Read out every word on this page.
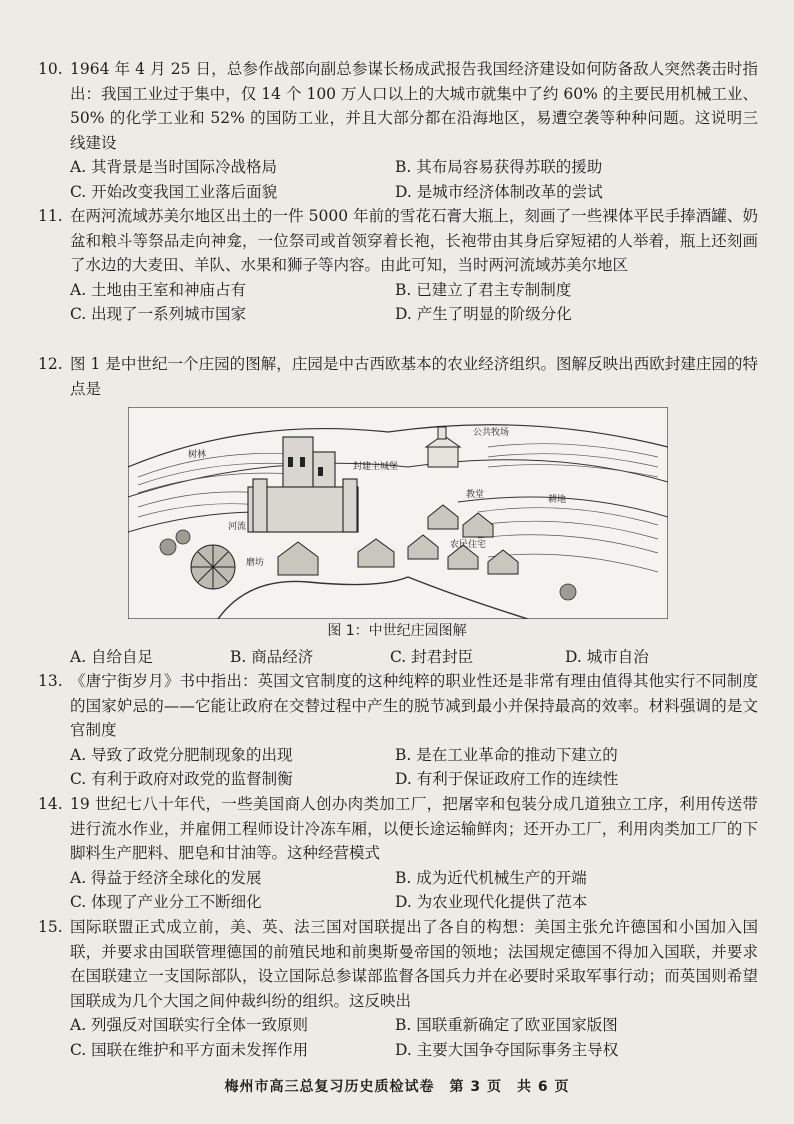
10. 1964 年 4 月 25 日，总参作战部向副总参谋长杨成武报告我国经济建设如何防备敌人突然袭击时指出：我国工业过于集中，仅 14 个 100 万人口以上的大城市就集中了约 60% 的主要民用机械工业、50% 的化学工业和 52% 的国防工业，并且大部分都在沿海地区，易遭空袭等种种问题。这说明三线建设
A. 其背景是当时国际冷战格局	B. 其布局容易获得苏联的援助
C. 开始改变我国工业落后面貌	D. 是城市经济体制改革的尝试
11. 在两河流域苏美尔地区出土的一件 5000 年前的雪花石膏大瓶上，刻画了一些裸体平民手捧酒罐、奶盆和粮斗等祭品走向神龛，一位祭司或首领穿着长袍，长袍带由其身后穿短裙的人举着，瓶上还刻画了水边的大麦田、羊队、水果和狮子等内容。由此可知，当时两河流域苏美尔地区
A. 土地由王室和神庙占有	B. 已建立了君主专制制度
C. 出现了一系列城市国家	D. 产生了明显的阶级分化
12. 图 1 是中世纪一个庄园的图解，庄园是中古西欧基本的农业经济组织。图解反映出西欧封建庄园的特点是
树林
公共牧场
封建主城堡
教堂	耕地
河流
磨坊
农民住宅
图 1：中世纪庄园图解
A. 自给自足	B. 商品经济	C. 封君封臣	D. 城市自治
13. 《唐宁街岁月》书中指出：英国文官制度的这种纯粹的职业性还是非常有理由值得其他实行不同制度的国家妒忌的——它能让政府在交替过程中产生的脱节减到最小并保持最高的效率。材料强调的是文官制度
A. 导致了政党分肥制现象的出现	B. 是在工业革命的推动下建立的
C. 有利于政府对政党的监督制衡	D. 有利于保证政府工作的连续性
14. 19 世纪七八十年代，一些美国商人创办肉类加工厂，把屠宰和包装分成几道独立工序，利用传送带进行流水作业，并雇佣工程师设计冷冻车厢，以便长途运输鲜肉；还开办工厂，利用肉类加工厂的下脚料生产肥料、肥皂和甘油等。这种经营模式
A. 得益于经济全球化的发展	B. 成为近代机械生产的开端
C. 体现了产业分工不断细化	D. 为农业现代化提供了范本
15. 国际联盟正式成立前，美、英、法三国对国联提出了各自的构想：美国主张允许德国和小国加入国联，并要求由国联管理德国的前殖民地和前奥斯曼帝国的领地；法国规定德国不得加入国联，并要求在国联建立一支国际部队，设立国际总参谋部监督各国兵力并在必要时采取军事行动；而英国则希望国联成为几个大国之间仲裁纠纷的组织。这反映出
A. 列强反对国联实行全体一致原则	B. 国联重新确定了欧亚国家版图
C. 国联在维护和平方面未发挥作用	D. 主要大国争夺国际事务主导权
梅州市高三总复习历史质检试卷　第 3 页　共 6 页
